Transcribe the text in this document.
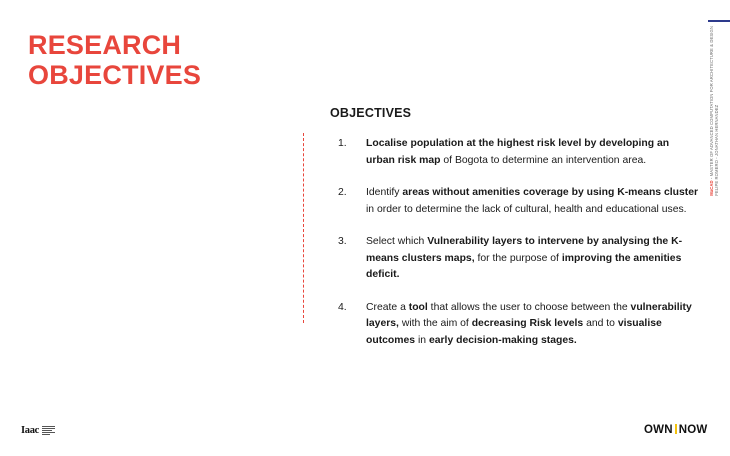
RESEARCH
OBJECTIVES
MaCAD - MASTER OF ADVANCED COMPUTATION FOR ARCHITECTURE & DESIGN FELIPE ROMERO - JONATHAN HERNANDEZ
OBJECTIVES
1. Localise population at the highest risk level by developing an urban risk map of Bogota to determine an intervention area.
2. Identify areas without amenities coverage by using K-means cluster in order to determine the lack of cultural, health and educational uses.
3. Select which Vulnerability layers to intervene by analysing the K-means clusters maps, for the purpose of improving the amenities deficit.
4. Create a tool that allows the user to choose between the vulnerability layers, with the aim of decreasing Risk levels and to visualise outcomes in early decision-making stages.
Iaac	OWN NOW
